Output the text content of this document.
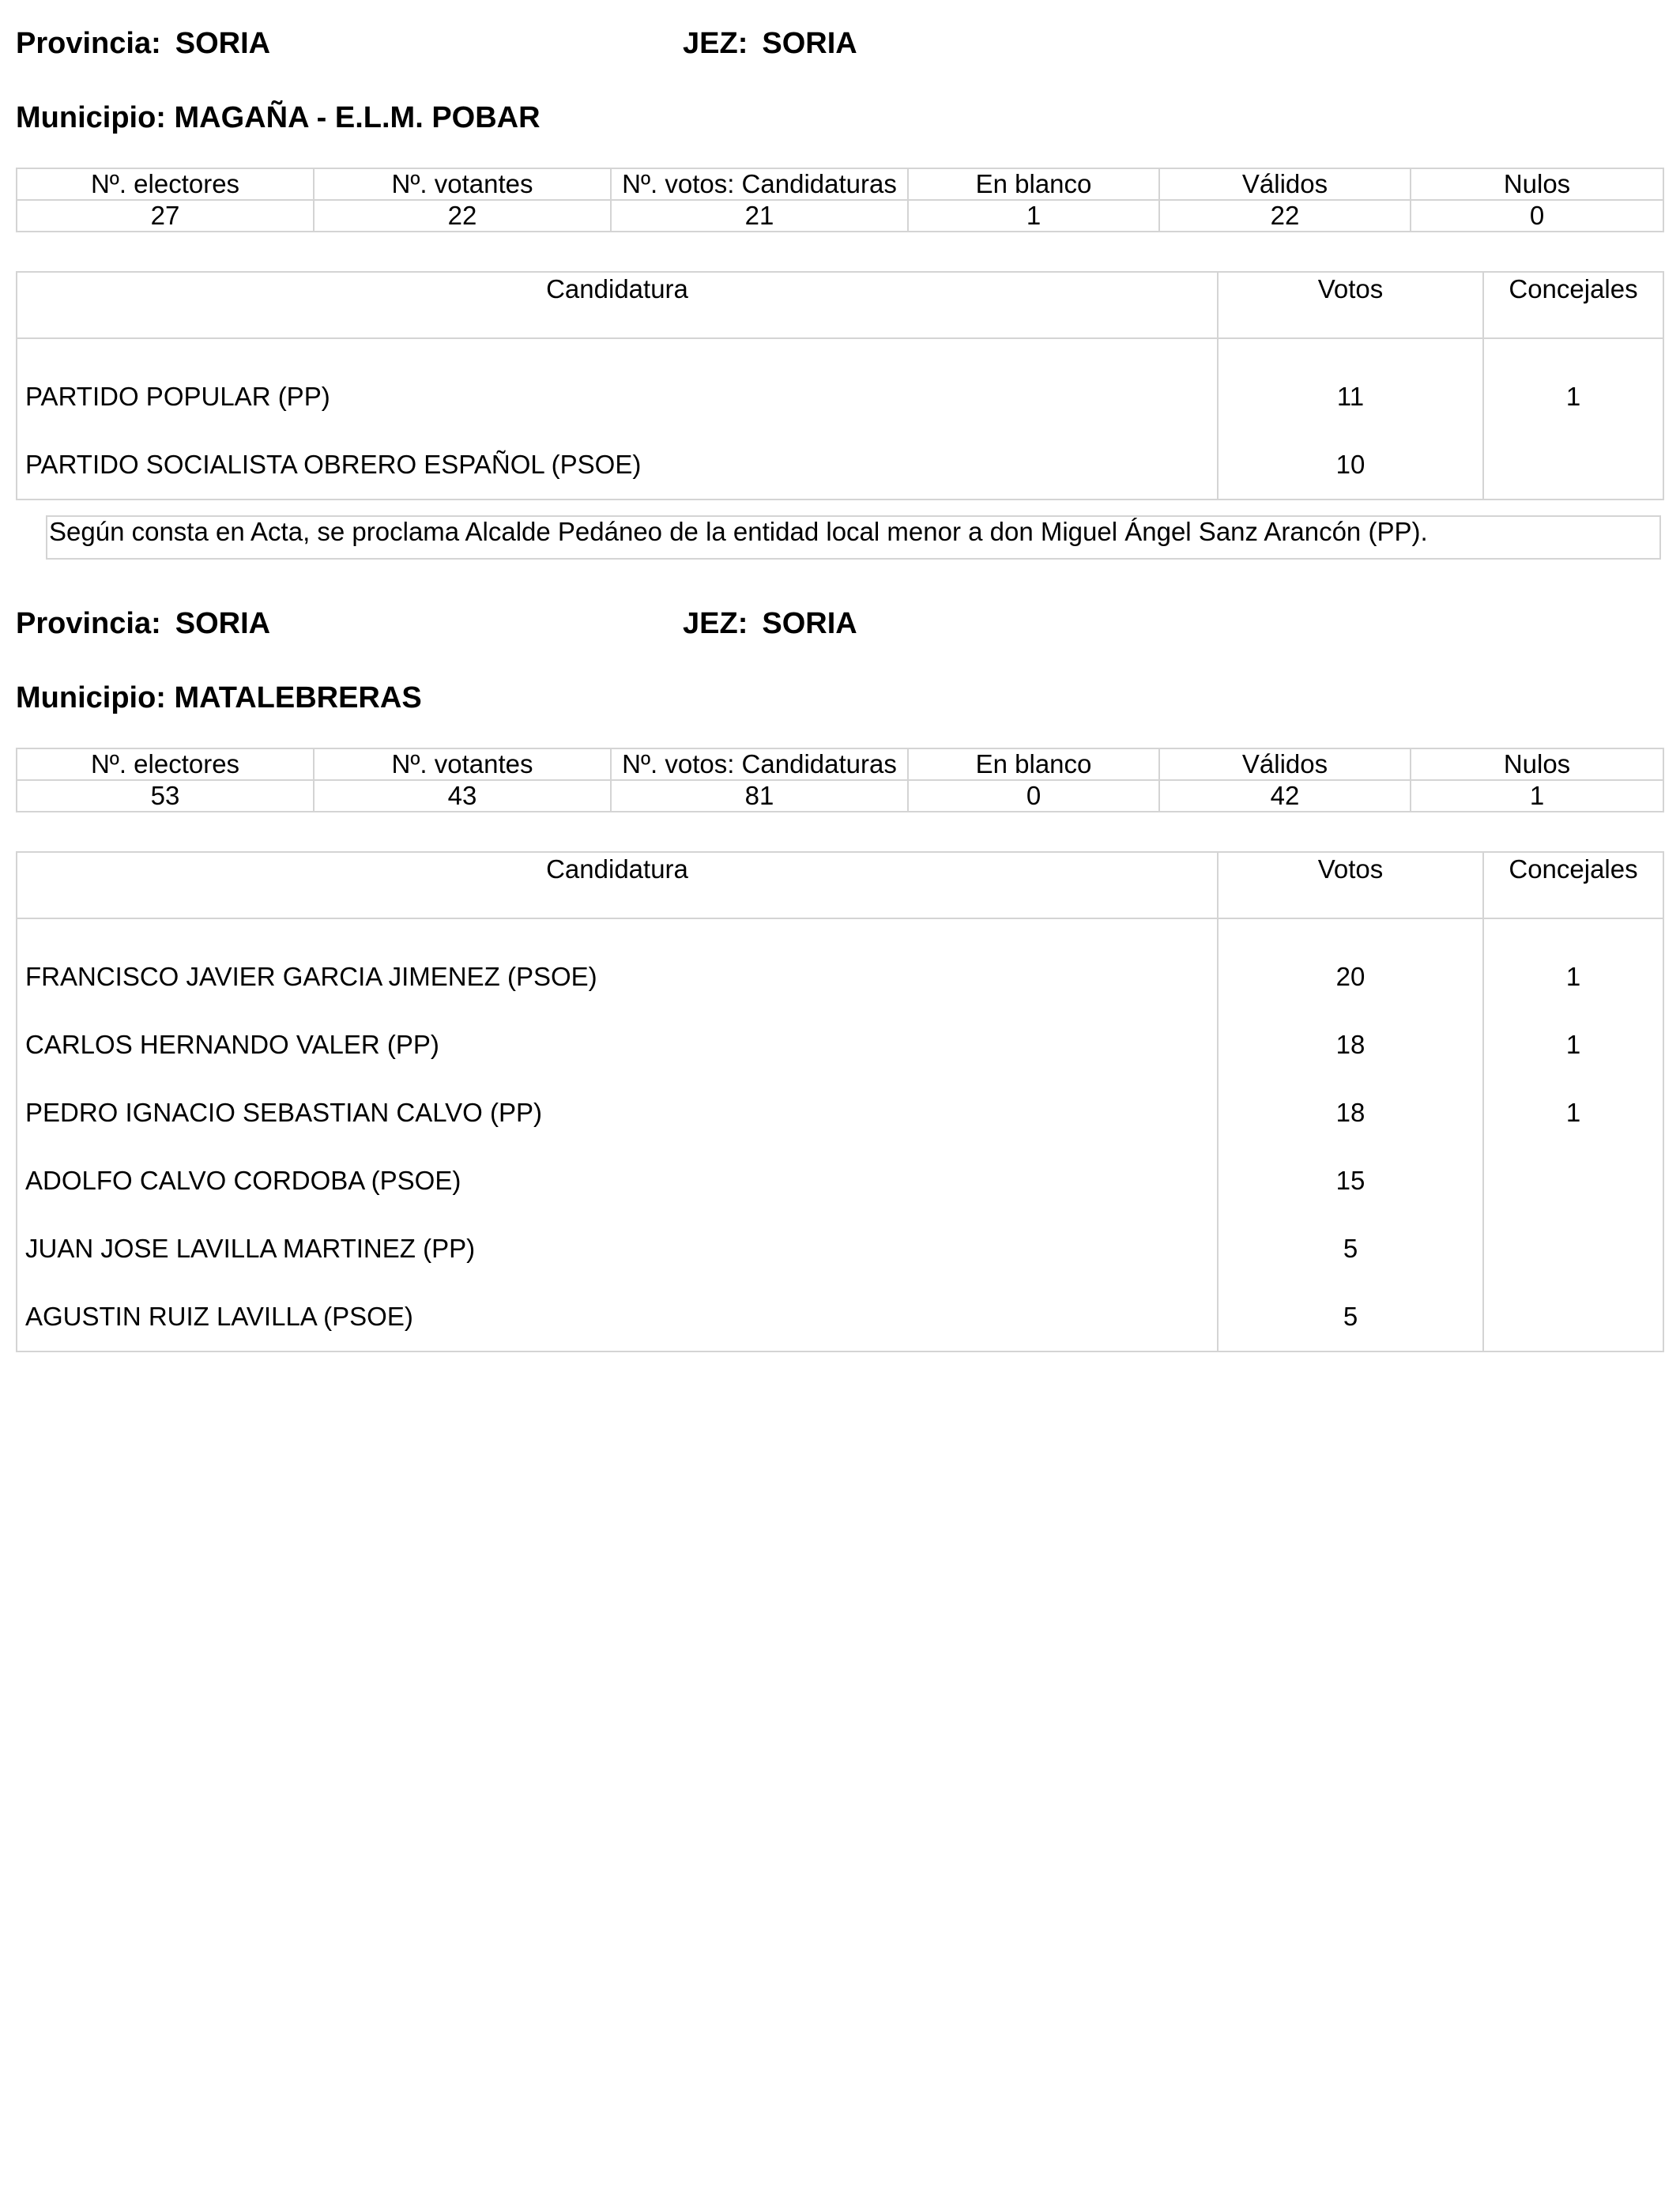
Provincia: SORIA	JEZ: SORIA
Municipio: MAGAÑA - E.L.M. POBAR
Nº. electores	Nº. votantes	Nº. votos: Candidaturas	En blanco	Válidos	Nulos
27	22	21	1	22	0
Candidatura	Votos	Concejales
PARTIDO POPULAR (PP)	11	1
PARTIDO SOCIALISTA OBRERO ESPAÑOL (PSOE)	10	
Según consta en Acta, se proclama Alcalde Pedáneo de la entidad local menor a don Miguel Ángel Sanz Arancón (PP).
Provincia: SORIA	JEZ: SORIA
Municipio: MATALEBRERAS
Nº. electores	Nº. votantes	Nº. votos: Candidaturas	En blanco	Válidos	Nulos
53	43	81	0	42	1
Candidatura	Votos	Concejales
FRANCISCO JAVIER GARCIA JIMENEZ (PSOE)	20	1
CARLOS HERNANDO VALER (PP)	18	1
PEDRO IGNACIO SEBASTIAN CALVO (PP)	18	1
ADOLFO CALVO CORDOBA (PSOE)	15	
JUAN JOSE LAVILLA MARTINEZ (PP)	5	
AGUSTIN RUIZ LAVILLA (PSOE)	5	
